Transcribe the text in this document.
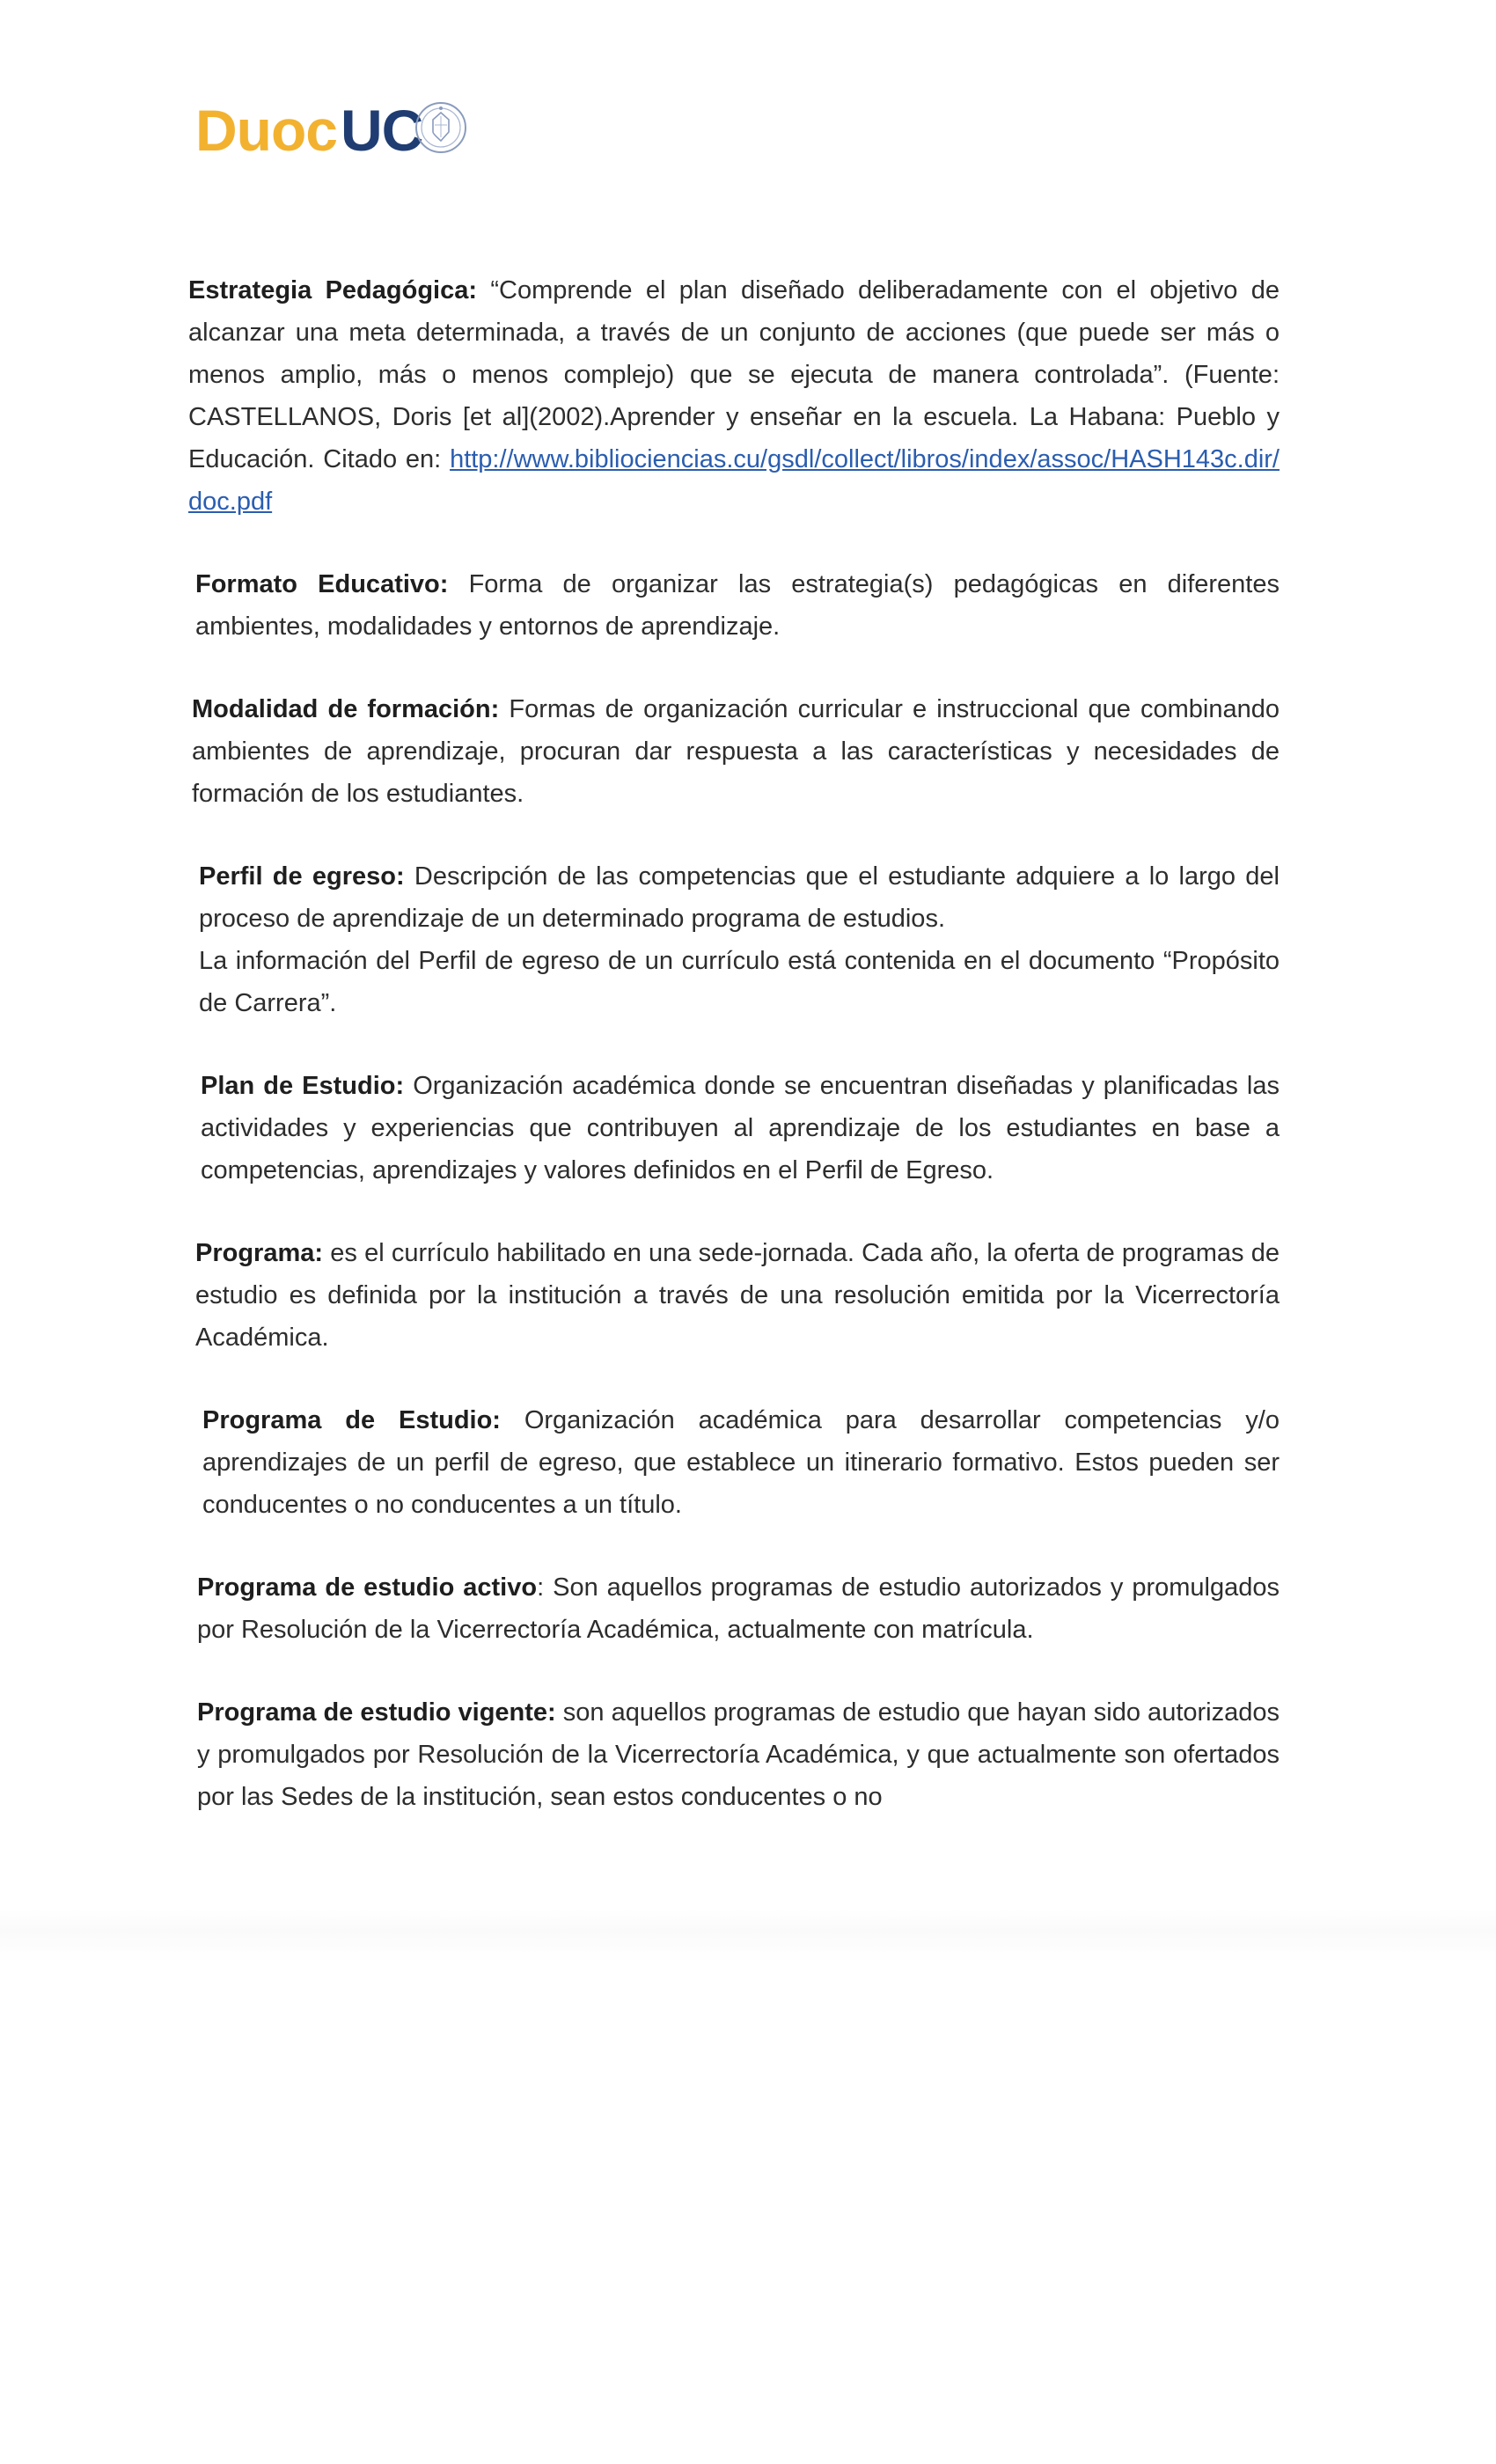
Duoc UC

Estrategia Pedagógica: “Comprende el plan diseñado deliberadamente con el objetivo de alcanzar una meta determinada, a través de un conjunto de acciones (que puede ser más o menos amplio, más o menos complejo) que se ejecuta de manera controlada”. (Fuente: CASTELLANOS, Doris [et al](2002).Aprender y enseñar en la escuela. La Habana: Pueblo y Educación. Citado en: http://www.bibliociencias.cu/gsdl/collect/libros/index/assoc/HASH143c.dir/doc.pdf

Formato Educativo: Forma de organizar las estrategia(s) pedagógicas en diferentes ambientes, modalidades y entornos de aprendizaje.

Modalidad de formación: Formas de organización curricular e instruccional que combinando ambientes de aprendizaje, procuran dar respuesta a las características y necesidades de formación de los estudiantes.

Perfil de egreso: Descripción de las competencias que el estudiante adquiere a lo largo del proceso de aprendizaje de un determinado programa de estudios.
La información del Perfil de egreso de un currículo está contenida en el documento “Propósito de Carrera”.

Plan de Estudio: Organización académica donde se encuentran diseñadas y planificadas las actividades y experiencias que contribuyen al aprendizaje de los estudiantes en base a competencias, aprendizajes y valores definidos en el Perfil de Egreso.

Programa: es el currículo habilitado en una sede-jornada. Cada año, la oferta de programas de estudio es definida por la institución a través de una resolución emitida por la Vicerrectoría Académica.

Programa de Estudio: Organización académica para desarrollar competencias y/o aprendizajes de un perfil de egreso, que establece un itinerario formativo. Estos pueden ser conducentes o no conducentes a un título.

Programa de estudio activo: Son aquellos programas de estudio autorizados y promulgados por Resolución de la Vicerrectoría Académica, actualmente con matrícula.

Programa de estudio vigente: son aquellos programas de estudio que hayan sido autorizados y promulgados por Resolución de la Vicerrectoría Académica, y que actualmente son ofertados por las Sedes de la institución, sean estos conducentes o no
